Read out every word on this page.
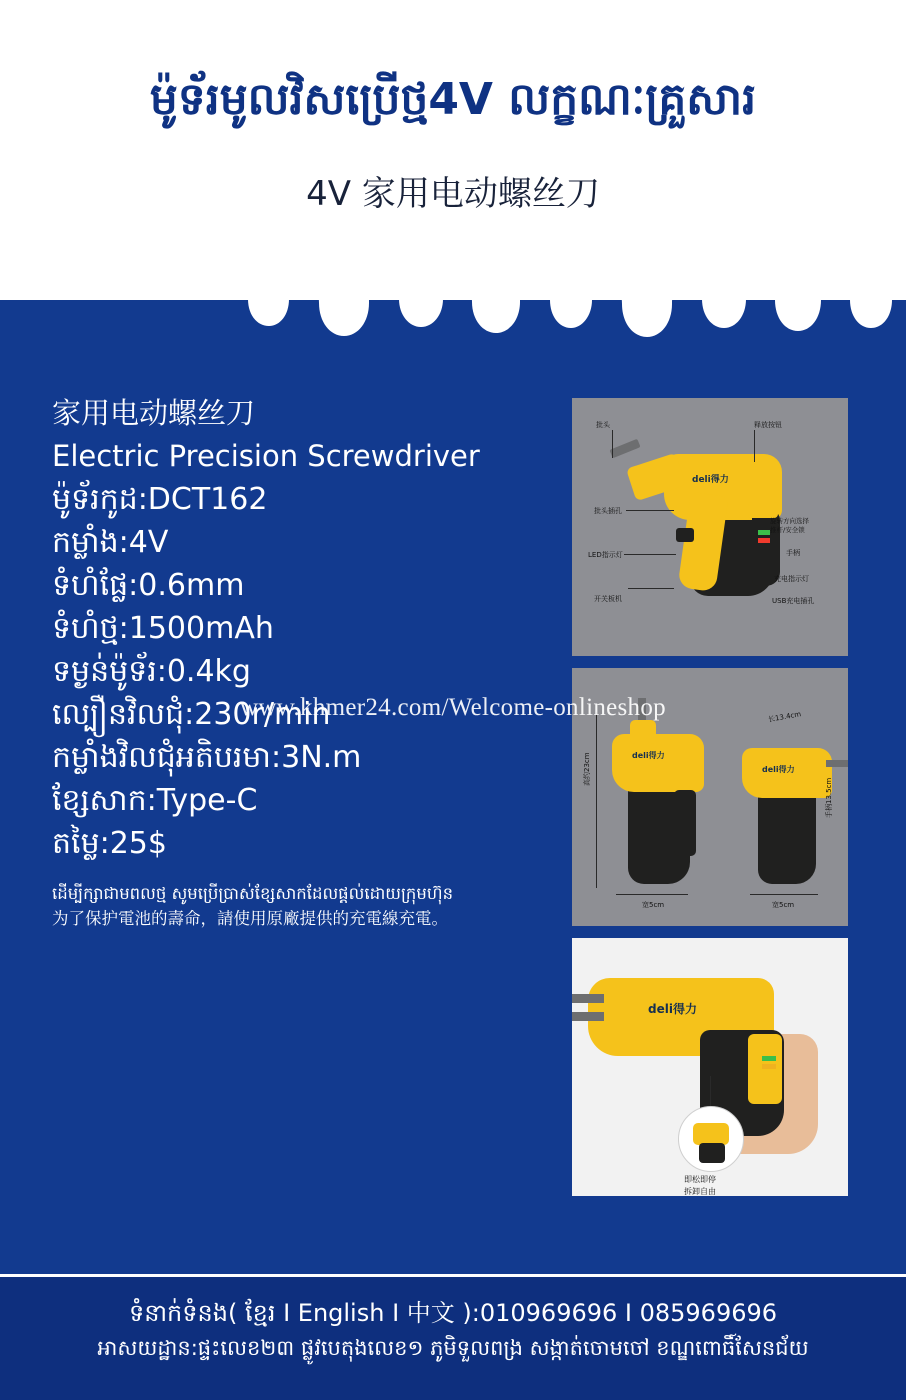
ម៉ូទ័រមូលវិសប្រើថ្ម4V លក្ខណៈគ្រួសារ
4V 家用电动螺丝刀
家用电动螺丝刀
Electric Precision Screwdriver
ម៉ូទ័រកូដ:DCT162
កម្លាំង:4V
ទំហំផ្លែ:0.6mm
ទំហំថ្ម:1500mAh
ទម្ងន់ម៉ូទ័រ:0.4kg
ល្បឿនវិលជុំ:230r/min
កម្លាំងវិលជុំអតិបរមា:3N.m
ខ្សែសាក:Type-C
តម្លៃ:25$
ដើម្បីក្សាជាមពលថ្ម សូមប្រើប្រាស់ខ្សែសាកដែលផ្តល់ដោយក្រុមហ៊ុន
为了保护電池的壽命，請使用原廠提供的充電線充電。
批头	释放按钮
批头插孔
旋转方向选择
推杆/安全锁
LED指示灯	手柄
充电指示灯
USB充电插孔
开关板机
deli得力
deli得力
deli得力
高约23cm
长13.4cm
手柄13.5cm
宽5cm	宽5cm
deli得力
即松即停
拆卸自由
www.khmer24.com/Welcome-onlineshop
ទំនាក់ទំនង( ខ្មែរ I English I 中文 ):010969696 I 085969696
អាសយដ្ឋាន:ផ្ទះលេខ២៣ ផ្លូវបេតុងលេខ១ ភូមិទួលពង្រ សង្កាត់ចោមចៅ ខណ្ឌពោធិ៍សែនជ័យ
